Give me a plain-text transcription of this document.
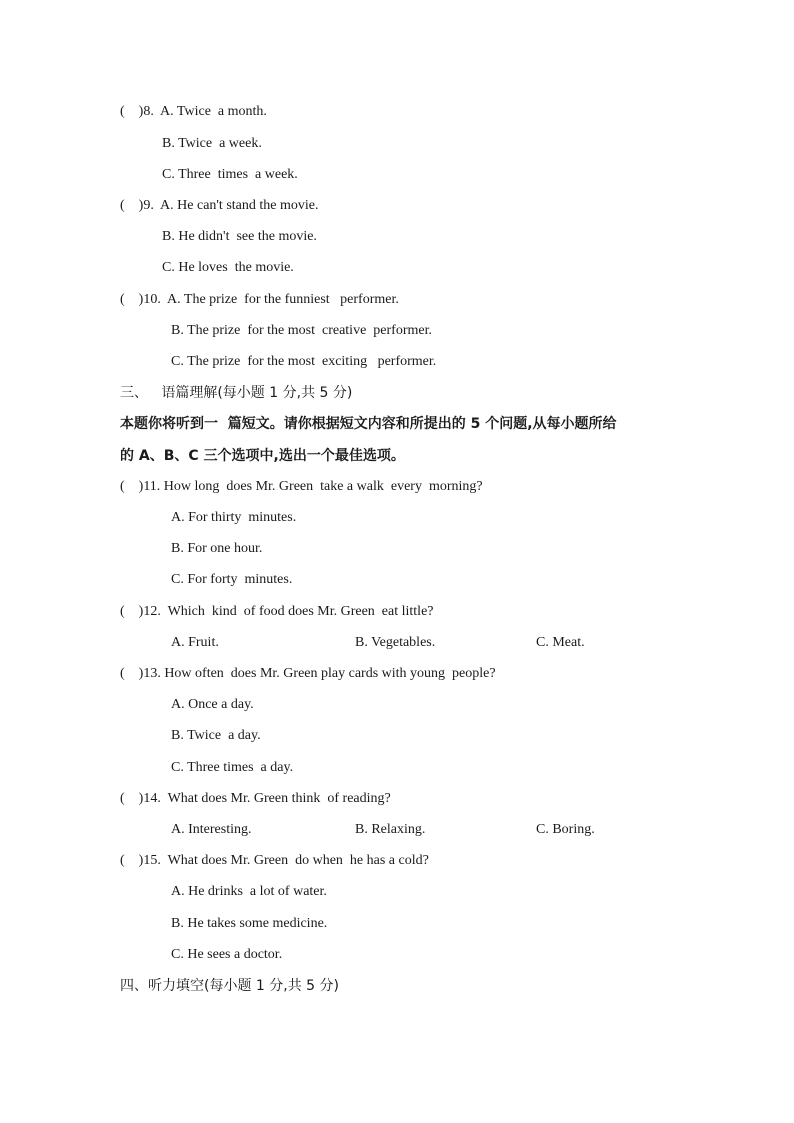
(    )8.  A. Twice  a month.
B. Twice  a week.
C. Three  times  a week.
(    )9.  A. He can't stand the movie.
B. He didn't  see the movie.
C. He loves  the movie.
(    )10.  A. The prize  for the funniest   performer.
B. The prize  for the most  creative  performer.
C. The prize  for the most  exciting   performer.
三、   语篇理解(每小题 1 分,共 5 分)
本题你将听到一  篇短文。请你根据短文内容和所提出的 5 个问题,从每小题所给
的 A、B、C 三个选项中,选出一个最佳选项。
(    )11. How long  does Mr. Green  take a walk  every  morning?
A. For thirty  minutes.
B. For one hour.
C. For forty  minutes.
(    )12.  Which  kind  of food does Mr. Green  eat little?
A. Fruit.	B. Vegetables.	C. Meat.
(    )13. How often  does Mr. Green play cards with young  people?
A. Once a day.
B. Twice  a day.
C. Three times  a day.
(    )14.  What does Mr. Green think  of reading?
A. Interesting.	B. Relaxing.	C. Boring.
(    )15.  What does Mr. Green  do when  he has a cold?
A. He drinks  a lot of water.
B. He takes some medicine.
C. He sees a doctor.
四、听力填空(每小题 1 分,共 5 分)
